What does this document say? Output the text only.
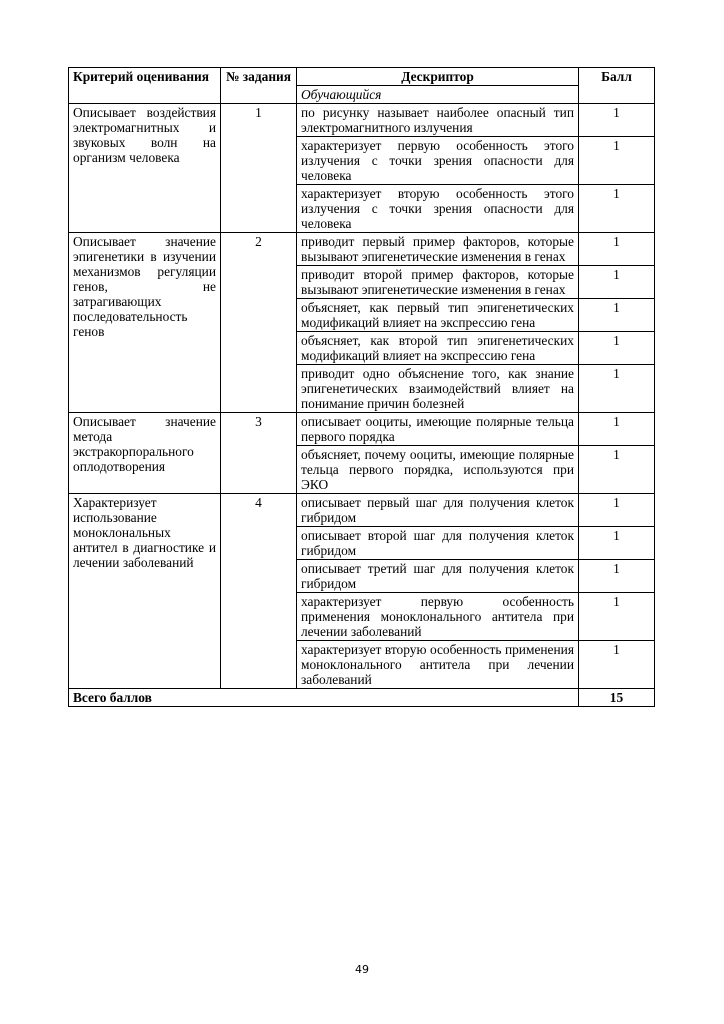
Критерий оценивания	№ задания	Дескриптор	Балл
		Обучающийся	
Описывает воздействия электромагнитных и звуковых волн на организм человека	1	по рисунку называет наиболее опасный тип электромагнитного излучения	1
		характеризует первую особенность этого излучения с точки зрения опасности для человека	1
		характеризует вторую особенность этого излучения с точки зрения опасности для человека	1
Описывает значение эпигенетики в изучении механизмов регуляции генов, не затрагивающих последовательность генов	2	приводит первый пример факторов, которые вызывают эпигенетические изменения в генах	1
		приводит второй пример факторов, которые вызывают эпигенетические изменения в генах	1
		объясняет, как первый тип эпигенетических модификаций влияет на экспрессию гена	1
		объясняет, как второй тип эпигенетических модификаций влияет на экспрессию гена	1
		приводит одно объяснение того, как знание эпигенетических взаимодействий влияет на понимание причин болезней	1
Описывает значение метода экстракорпорального оплодотворения	3	описывает ооциты, имеющие полярные тельца первого порядка	1
		объясняет, почему ооциты, имеющие полярные тельца первого порядка, используются при ЭКО	1
Характеризует использование моноклональных антител в диагностике и лечении заболеваний	4	описывает первый шаг для получения клеток гибридом	1
		описывает второй шаг для получения клеток гибридом	1
		описывает третий шаг для получения клеток гибридом	1
		характеризует первую особенность применения моноклонального антитела при лечении заболеваний	1
		характеризует вторую особенность применения моноклонального антитела при лечении заболеваний	1
Всего баллов			15
49
